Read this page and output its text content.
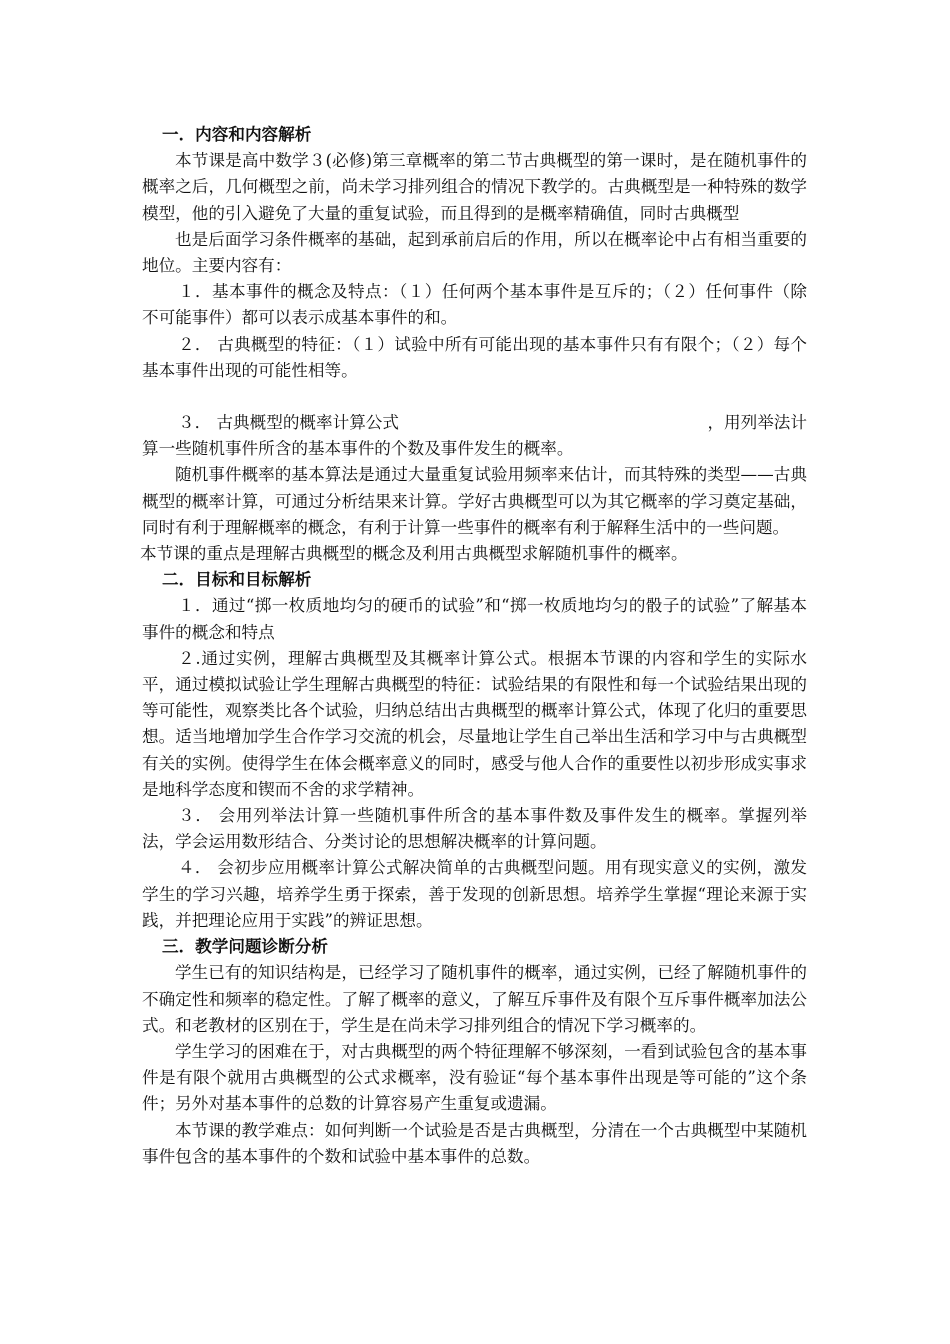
一．内容和内容解析

本节课是高中数学３(必修)第三章概率的第二节古典概型的第一课时，是在随机事件的概率之后，几何概型之前，尚未学习排列组合的情况下教学的。古典概型是一种特殊的数学模型，他的引入避免了大量的重复试验，而且得到的是概率精确值，同时古典概型

也是后面学习条件概率的基础，起到承前启后的作用，所以在概率论中占有相当重要的地位。主要内容有：

１．基本事件的概念及特点：（１）任何两个基本事件是互斥的；（２）任何事件（除不可能事件）都可以表示成基本事件的和。

２． 古典概型的特征：（１）试验中所有可能出现的基本事件只有有限个；（２）每个基本事件出现的可能性相等。

３． 古典概型的概率计算公式	，用列举法计

算一些随机事件所含的基本事件的个数及事件发生的概率。

随机事件概率的基本算法是通过大量重复试验用频率来估计，而其特殊的类型——古典概型的概率计算，可通过分析结果来计算。学好古典概型可以为其它概率的学习奠定基础，同时有利于理解概率的概念，有利于计算一些事件的概率有利于解释生活中的一些问题。

本节课的重点是理解古典概型的概念及利用古典概型求解随机事件的概率。

二．目标和目标解析

１．通过“掷一枚质地均匀的硬币的试验”和“掷一枚质地均匀的骰子的试验”了解基本事件的概念和特点

２.通过实例，理解古典概型及其概率计算公式。根据本节课的内容和学生的实际水平，通过模拟试验让学生理解古典概型的特征：试验结果的有限性和每一个试验结果出现的等可能性，观察类比各个试验，归纳总结出古典概型的概率计算公式，体现了化归的重要思想。适当地增加学生合作学习交流的机会，尽量地让学生自己举出生活和学习中与古典概型有关的实例。使得学生在体会概率意义的同时，感受与他人合作的重要性以初步形成实事求是地科学态度和锲而不舍的求学精神。

３． 会用列举法计算一些随机事件所含的基本事件数及事件发生的概率。掌握列举法，学会运用数形结合、分类讨论的思想解决概率的计算问题。

４． 会初步应用概率计算公式解决简单的古典概型问题。用有现实意义的实例，激发学生的学习兴趣，培养学生勇于探索，善于发现的创新思想。培养学生掌握“理论来源于实践，并把理论应用于实践”的辨证思想。

三．教学问题诊断分析

学生已有的知识结构是，已经学习了随机事件的概率，通过实例，已经了解随机事件的不确定性和频率的稳定性。了解了概率的意义，了解互斥事件及有限个互斥事件概率加法公式。和老教材的区别在于，学生是在尚未学习排列组合的情况下学习概率的。

学生学习的困难在于，对古典概型的两个特征理解不够深刻，一看到试验包含的基本事件是有限个就用古典概型的公式求概率，没有验证“每个基本事件出现是等可能的”这个条件；另外对基本事件的总数的计算容易产生重复或遗漏。

本节课的教学难点：如何判断一个试验是否是古典概型，分清在一个古典概型中某随机事件包含的基本事件的个数和试验中基本事件的总数。
